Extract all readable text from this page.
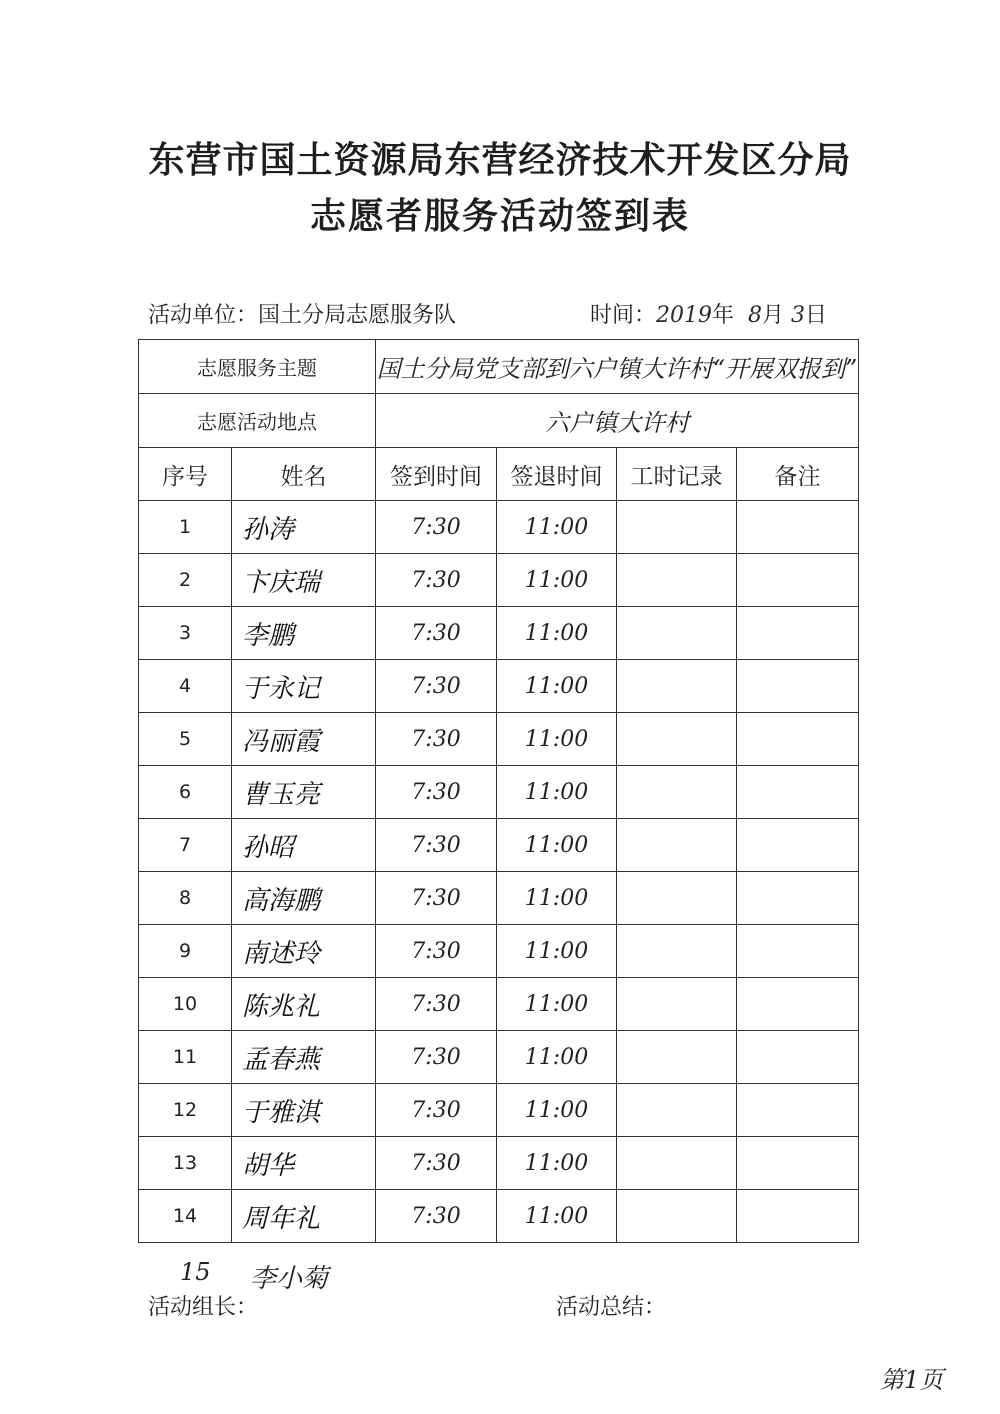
东营市国土资源局东营经济技术开发区分局
志愿者服务活动签到表
活动单位：国土分局志愿服务队	时间：2019年 8月 3日
志愿服务主题		国土分局党支部到六户镇大许村“开展双报到”			
志愿活动地点		六户镇大许村			
序号	姓名	签到时间	签退时间	工时记录	备注
1	孙涛	7:30	11:00		
2	卞庆瑞	7:30	11:00		
3	李鹏	7:30	11:00		
4	于永记	7:30	11:00		
5	冯丽霞	7:30	11:00		
6	曹玉亮	7:30	11:00		
7	孙昭	7:30	11:00		
8	高海鹏	7:30	11:00		
9	南述玲	7:30	11:00		
10	陈兆礼	7:30	11:00		
11	孟春燕	7:30	11:00		
12	于雅淇	7:30	11:00		
13	胡华	7:30	11:00		
14	周年礼	7:30	11:00		
15 李小菊
活动组长：	活动总结：
第1页
